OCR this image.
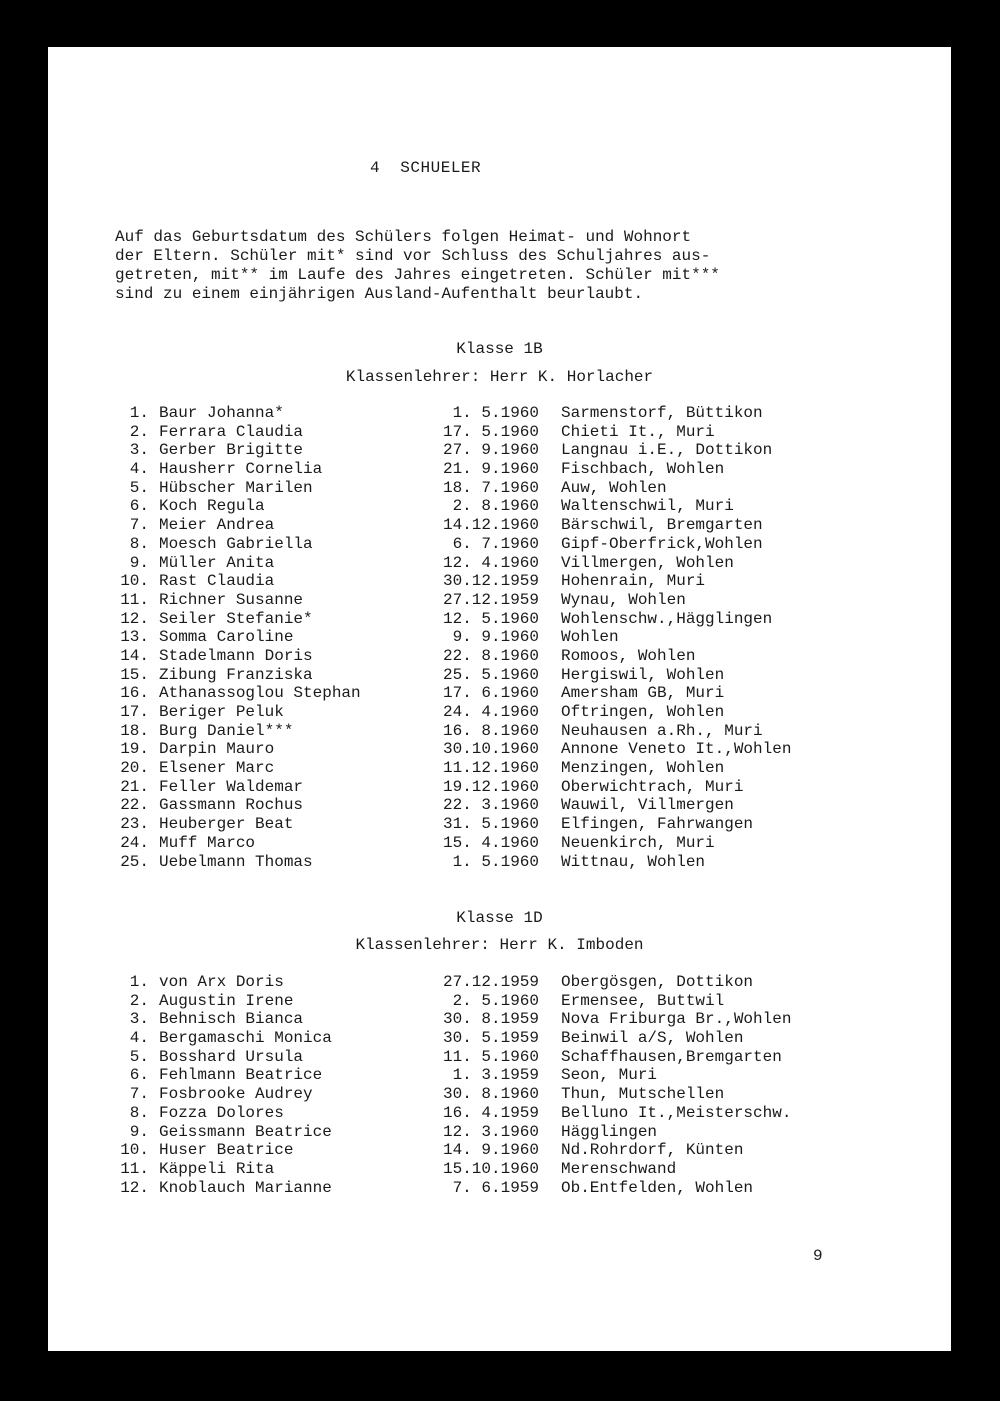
4  SCHUELER

Auf das Geburtsdatum des Schülers folgen Heimat- und Wohnort

der Eltern. Schüler mit* sind vor Schluss des Schuljahres aus-

getreten, mit** im Laufe des Jahres eingetreten. Schüler mit***

sind zu einem einjährigen Ausland-Aufenthalt beurlaubt.

Klasse 1B
Klassenlehrer: Herr K. Horlacher
1. Baur Johanna*	1. 5.1960 Sarmenstorf, Büttikon
2. Ferrara Claudia	17. 5.1960 Chieti It., Muri
3. Gerber Brigitte	27. 9.1960 Langnau i.E., Dottikon
4. Hausherr Cornelia	21. 9.1960 Fischbach, Wohlen
5. Hübscher Marilen	18. 7.1960 Auw, Wohlen
6. Koch Regula	2. 8.1960 Waltenschwil, Muri
7. Meier Andrea	14.12.1960 Bärschwil, Bremgarten
8. Moesch Gabriella	6. 7.1960 Gipf-Oberfrick,Wohlen
9. Müller Anita	12. 4.1960 Villmergen, Wohlen
10. Rast Claudia	30.12.1959 Hohenrain, Muri
11. Richner Susanne	27.12.1959 Wynau, Wohlen
12. Seiler Stefanie*	12. 5.1960 Wohlenschw.,Hägglingen
13. Somma Caroline	9. 9.1960 Wohlen
14. Stadelmann Doris	22. 8.1960 Romoos, Wohlen
15. Zibung Franziska	25. 5.1960 Hergiswil, Wohlen
16. Athanassoglou Stephan	17. 6.1960 Amersham GB, Muri
17. Beriger Peluk	24. 4.1960 Oftringen, Wohlen
18. Burg Daniel***	16. 8.1960 Neuhausen a.Rh., Muri
19. Darpin Mauro	30.10.1960 Annone Veneto It.,Wohlen
20. Elsener Marc	11.12.1960 Menzingen, Wohlen
21. Feller Waldemar	19.12.1960 Oberwichtrach, Muri
22. Gassmann Rochus	22. 3.1960 Wauwil, Villmergen
23. Heuberger Beat	31. 5.1960 Elfingen, Fahrwangen
24. Muff Marco	15. 4.1960 Neuenkirch, Muri
25. Uebelmann Thomas	1. 5.1960 Wittnau, Wohlen
Klasse 1D
Klassenlehrer: Herr K. Imboden
1. von Arx Doris	27.12.1959 Obergösgen, Dottikon
2. Augustin Irene	2. 5.1960 Ermensee, Buttwil
3. Behnisch Bianca	30. 8.1959 Nova Friburga Br.,Wohlen
4. Bergamaschi Monica	30. 5.1959 Beinwil a/S, Wohlen
5. Bosshard Ursula	11. 5.1960 Schaffhausen,Bremgarten
6. Fehlmann Beatrice	1. 3.1959 Seon, Muri
7. Fosbrooke Audrey	30. 8.1960 Thun, Mutschellen
8. Fozza Dolores	16. 4.1959 Belluno It.,Meisterschw.
9. Geissmann Beatrice	12. 3.1960 Hägglingen
10. Huser Beatrice	14. 9.1960 Nd.Rohrdorf, Künten
11. Käppeli Rita	15.10.1960 Merenschwand
12. Knoblauch Marianne	7. 6.1959 Ob.Entfelden, Wohlen
9
